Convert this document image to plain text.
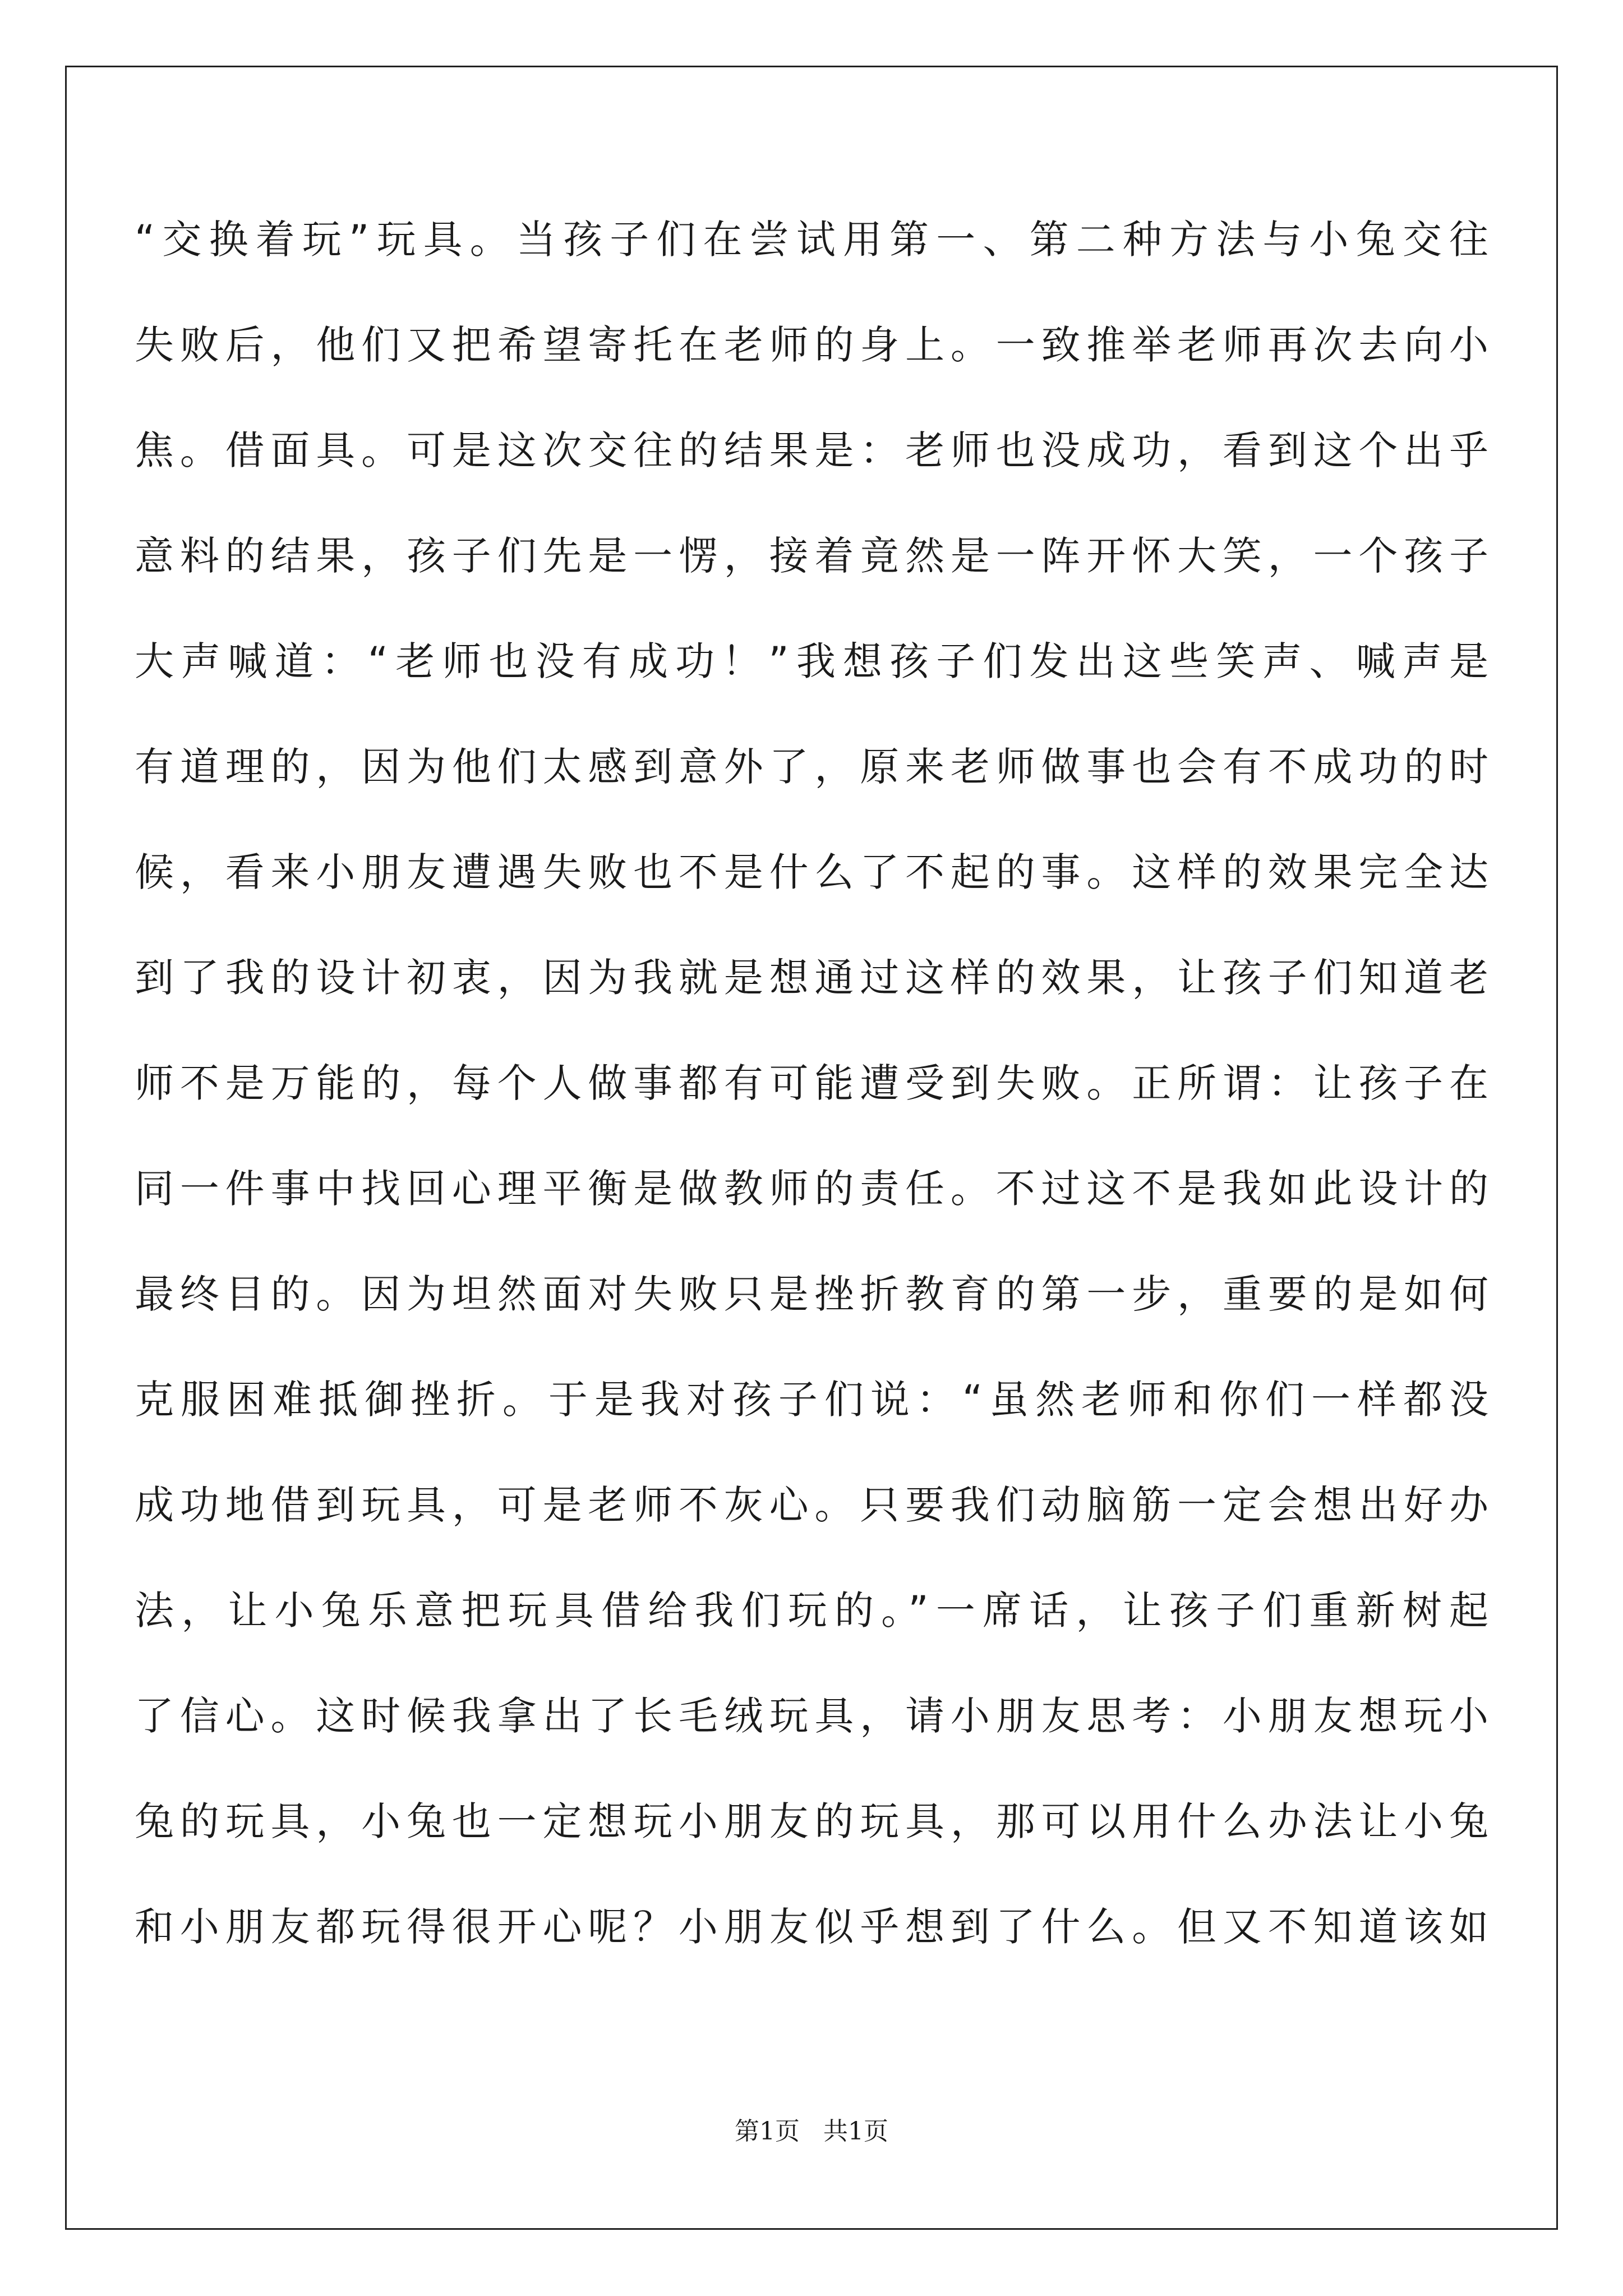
“交换着玩”玩具。当孩子们在尝试用第一、第二种方法与小兔交往

失败后，他们又把希望寄托在老师的身上。一致推举老师再次去向小

焦。借面具。可是这次交往的结果是：老师也没成功，看到这个出乎

意料的结果，孩子们先是一愣，接着竟然是一阵开怀大笑，一个孩子

大声喊道：“老师也没有成功！”我想孩子们发出这些笑声、喊声是

有道理的，因为他们太感到意外了，原来老师做事也会有不成功的时

候，看来小朋友遭遇失败也不是什么了不起的事。这样的效果完全达

到了我的设计初衷，因为我就是想通过这样的效果，让孩子们知道老

师不是万能的，每个人做事都有可能遭受到失败。正所谓：让孩子在

同一件事中找回心理平衡是做教师的责任。不过这不是我如此设计的

最终目的。因为坦然面对失败只是挫折教育的第一步，重要的是如何

克服困难抵御挫折。于是我对孩子们说：“虽然老师和你们一样都没

成功地借到玩具，可是老师不灰心。只要我们动脑筋一定会想出好办

法，让小兔乐意把玩具借给我们玩的。”一席话，让孩子们重新树起

了信心。这时候我拿出了长毛绒玩具，请小朋友思考：小朋友想玩小

兔的玩具，小兔也一定想玩小朋友的玩具，那可以用什么办法让小兔

和小朋友都玩得很开心呢？小朋友似乎想到了什么。但又不知道该如

第1页   共1页
